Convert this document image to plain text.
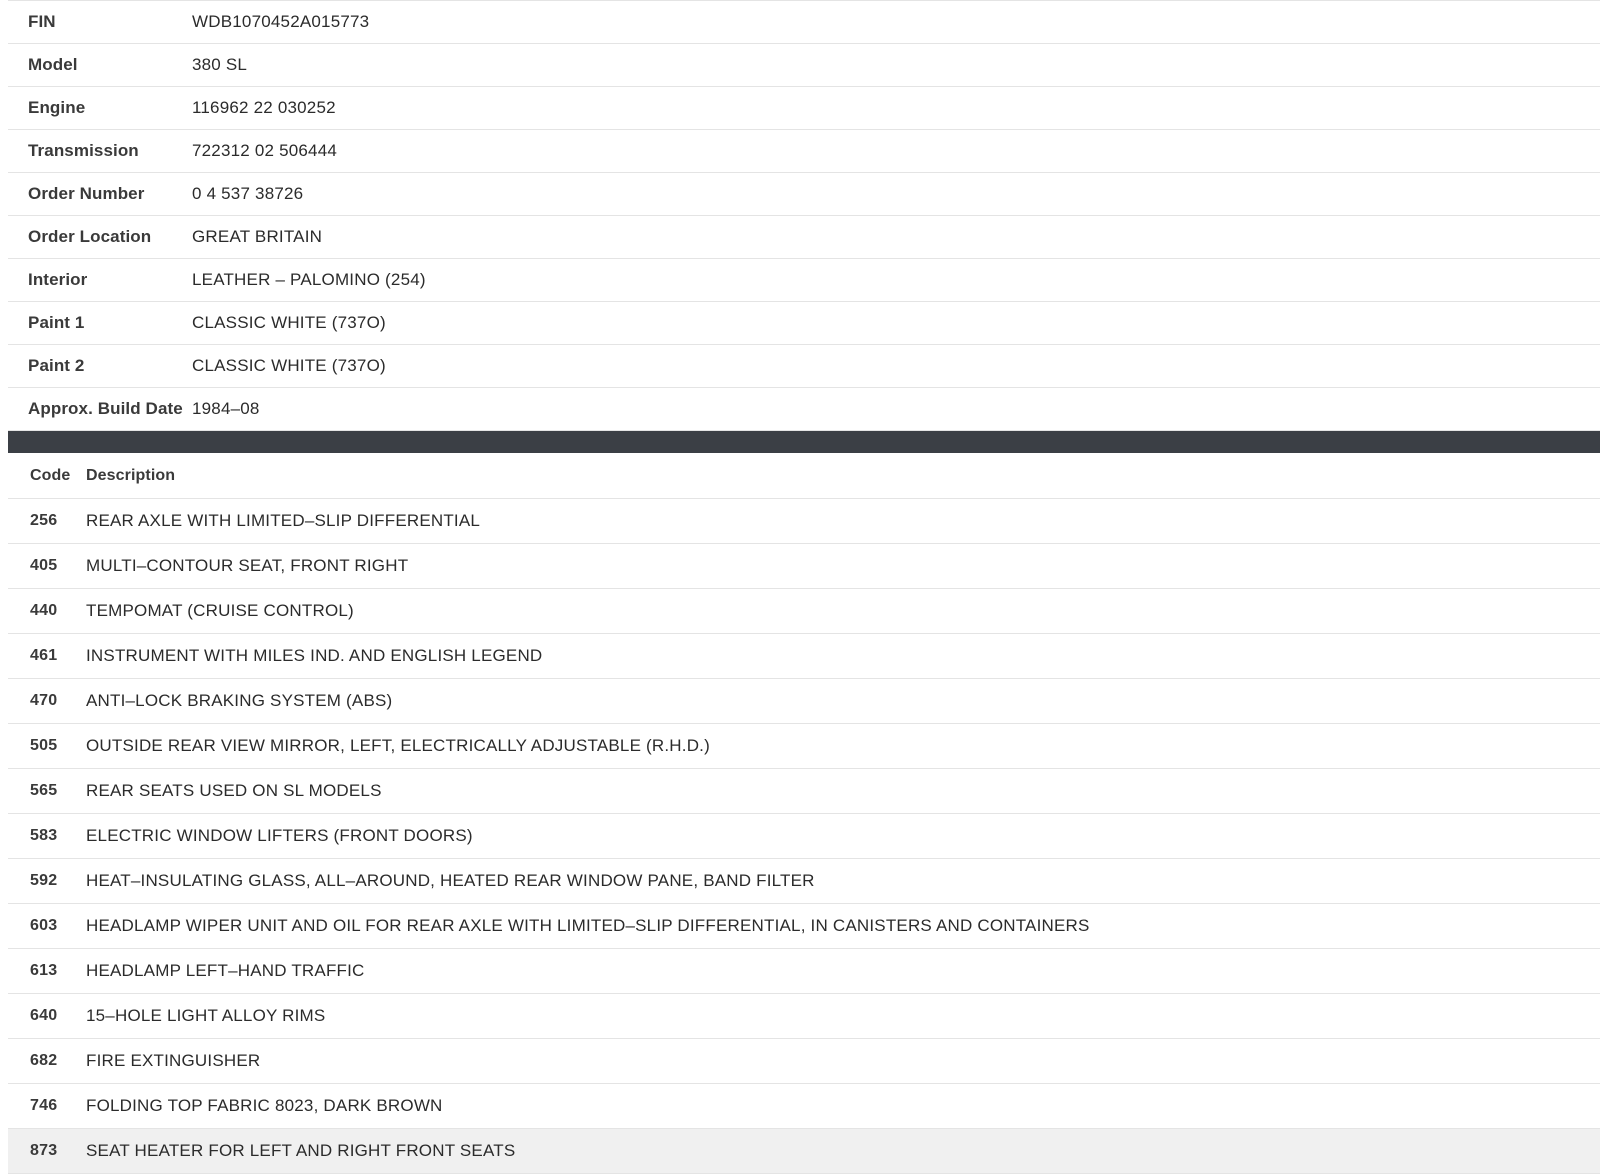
FIN	WDB1070452A015773
Model	380 SL
Engine	116962 22 030252
Transmission	722312 02 506444
Order Number	0 4 537 38726
Order Location	GREAT BRITAIN
Interior	LEATHER – PALOMINO (254)
Paint 1	CLASSIC WHITE (737O)
Paint 2	CLASSIC WHITE (737O)
Approx. Build Date	1984–08
Code	Description
256	REAR AXLE WITH LIMITED–SLIP DIFFERENTIAL
405	MULTI–CONTOUR SEAT, FRONT RIGHT
440	TEMPOMAT (CRUISE CONTROL)
461	INSTRUMENT WITH MILES IND. AND ENGLISH LEGEND
470	ANTI–LOCK BRAKING SYSTEM (ABS)
505	OUTSIDE REAR VIEW MIRROR, LEFT, ELECTRICALLY ADJUSTABLE (R.H.D.)
565	REAR SEATS USED ON SL MODELS
583	ELECTRIC WINDOW LIFTERS (FRONT DOORS)
592	HEAT–INSULATING GLASS, ALL–AROUND, HEATED REAR WINDOW PANE, BAND FILTER
603	HEADLAMP WIPER UNIT AND OIL FOR REAR AXLE WITH LIMITED–SLIP DIFFERENTIAL, IN CANISTERS AND CONTAINERS
613	HEADLAMP LEFT–HAND TRAFFIC
640	15–HOLE LIGHT ALLOY RIMS
682	FIRE EXTINGUISHER
746	FOLDING TOP FABRIC 8023, DARK BROWN
873	SEAT HEATER FOR LEFT AND RIGHT FRONT SEATS
